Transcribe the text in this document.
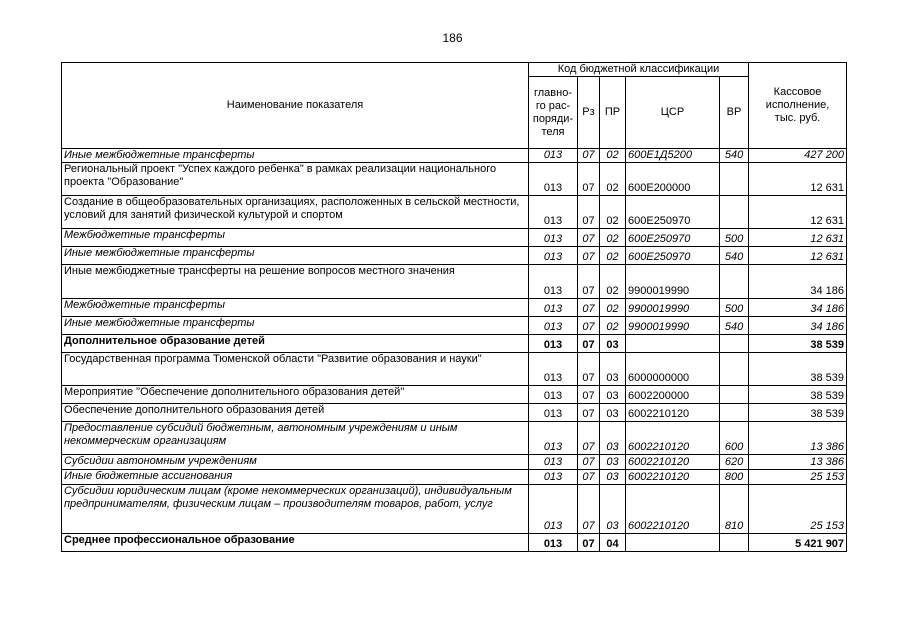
186
Наименование показателя	Код бюджетной классификации					Кассовое
исполнение,
тыс. руб.
	главно-
го рас-
поряди-
теля	Рз	ПР	ЦСР	ВР	
Иные межбюджетные трансферты	013	07	02	600Е1Д5200	540	427 200
Региональный проект "Успех каждого ребенка" в рамках реализации национального проекта "Образование"	013	07	02	600Е200000		12 631
Создание в общеобразовательных организациях, расположенных в сельской местности, условий для занятий физической культурой и спортом	013	07	02	600Е250970		12 631
Межбюджетные трансферты	013	07	02	600Е250970	500	12 631
Иные межбюджетные трансферты	013	07	02	600Е250970	540	12 631
Иные межбюджетные трансферты на решение вопросов местного значения	013	07	02	9900019990		34 186
Межбюджетные трансферты	013	07	02	9900019990	500	34 186
Иные межбюджетные трансферты	013	07	02	9900019990	540	34 186
Дополнительное образование детей	013	07	03			38 539
Государственная программа Тюменской области "Развитие образования и науки"	013	07	03	6000000000		38 539
Мероприятие "Обеспечение дополнительного образования детей"	013	07	03	6002200000		38 539
Обеспечение дополнительного образования детей	013	07	03	6002210120		38 539
Предоставление субсидий бюджетным, автономным учреждениям и иным некоммерческим организациям	013	07	03	6002210120	600	13 386
Субсидии автономным учреждениям	013	07	03	6002210120	620	13 386
Иные бюджетные ассигнования	013	07	03	6002210120	800	25 153
Субсидии юридическим лицам (кроме некоммерческих организаций), индивидуальным предпринимателям, физическим лицам – производителям товаров, работ, услуг	013	07	03	6002210120	810	25 153
Среднее профессиональное образование	013	07	04			5 421 907
